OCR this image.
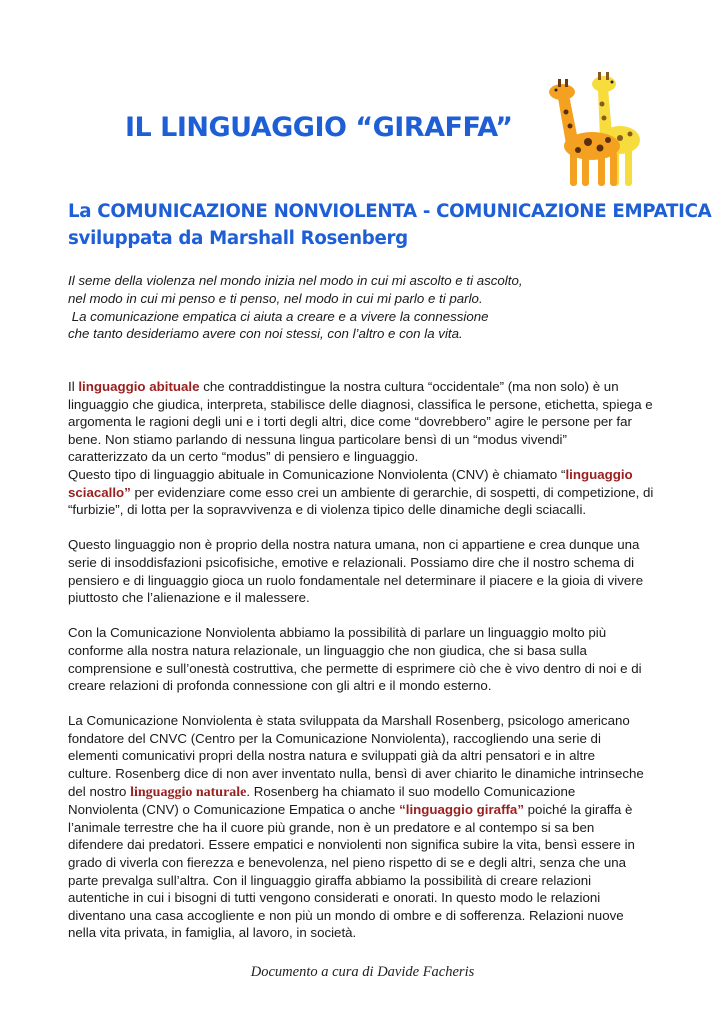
IL LINGUAGGIO “GIRAFFA”
La COMUNICAZIONE NONVIOLENTA - COMUNICAZIONE EMPATICA
sviluppata da Marshall Rosenberg
Il seme della violenza nel mondo inizia nel modo in cui mi ascolto e ti ascolto,
nel modo in cui mi penso e ti penso, nel modo in cui mi parlo e ti parlo.
La comunicazione empatica ci aiuta a creare e a vivere la connessione
che tanto desideriamo avere con noi stessi, con l’altro e con la vita.

Il linguaggio abituale che contraddistingue la nostra cultura “occidentale” (ma non solo) è un
linguaggio che giudica, interpreta, stabilisce delle diagnosi, classifica le persone, etichetta, spiega e
argomenta le ragioni degli uni e i torti degli altri, dice come “dovrebbero” agire le persone per far
bene. Non stiamo parlando di nessuna lingua particolare bensì di un “modus vivendi”
caratterizzato da un certo “modus” di pensiero e linguaggio.
Questo tipo di linguaggio abituale in Comunicazione Nonviolenta (CNV) è chiamato “linguaggio
sciacallo” per evidenziare come esso crei un ambiente di gerarchie, di sospetti, di competizione, di
“furbizie”, di lotta per la sopravvivenza e di violenza tipico delle dinamiche degli sciacalli.

Questo linguaggio non è proprio della nostra natura umana, non ci appartiene e crea dunque una
serie di insoddisfazioni psicofisiche, emotive e relazionali. Possiamo dire che il nostro schema di
pensiero e di linguaggio gioca un ruolo fondamentale nel determinare il piacere e la gioia di vivere
piuttosto che l’alienazione e il malessere.

Con la Comunicazione Nonviolenta abbiamo la possibilità di parlare un linguaggio molto più
conforme alla nostra natura relazionale, un linguaggio che non giudica, che si basa sulla
comprensione e sull’onestà costruttiva, che permette di esprimere ciò che è vivo dentro di noi e di
creare relazioni di profonda connessione con gli altri e il mondo esterno.

La Comunicazione Nonviolenta è stata sviluppata da Marshall Rosenberg, psicologo americano
fondatore del CNVC (Centro per la Comunicazione Nonviolenta), raccogliendo una serie di
elementi comunicativi propri della nostra natura e sviluppati già da altri pensatori e in altre
culture. Rosenberg dice di non aver inventato nulla, bensì di aver chiarito le dinamiche intrinseche
del nostro linguaggio naturale. Rosenberg ha chiamato il suo modello Comunicazione
Nonviolenta (CNV) o Comunicazione Empatica o anche “linguaggio giraffa” poiché la giraffa è
l’animale terrestre che ha il cuore più grande, non è un predatore e al contempo si sa ben
difendere dai predatori. Essere empatici e nonviolenti non significa subire la vita, bensì essere in
grado di viverla con fierezza e benevolenza, nel pieno rispetto di se e degli altri, senza che una
parte prevalga sull’altra. Con il linguaggio giraffa abbiamo la possibilità di creare relazioni
autentiche in cui i bisogni di tutti vengono considerati e onorati. In questo modo le relazioni
diventano una casa accogliente e non più un mondo di ombre e di sofferenza. Relazioni nuove
nella vita privata, in famiglia, al lavoro, in società.

Documento a cura di Davide Facheris
